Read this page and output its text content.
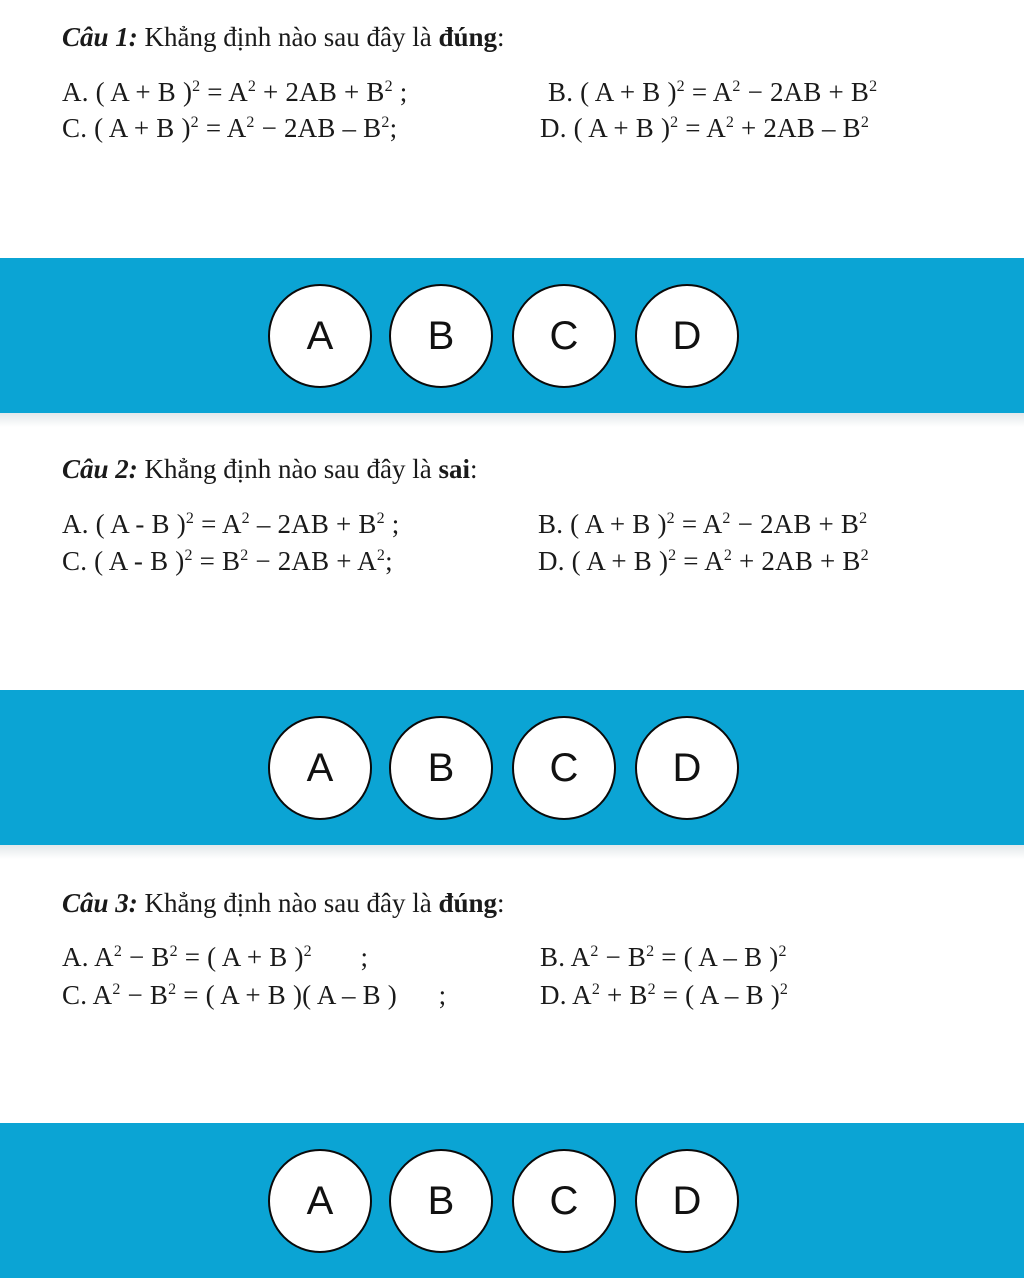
Câu 1: Khẳng định nào sau đây là đúng:
A. ( A + B )$^2 = A^2 + 2AB + B^2$ ;	B. ( A + B )$^2 = A^2 - 2AB + B^2$
C. ( A + B )$^2 = A^2 - 2AB - B^2$;	D. ( A + B )$^2 = A^2 + 2AB - B^2$
A	B	C	D
Câu 2: Khẳng định nào sau đây là sai:
A. ( A - B )$^2 = A^2 - 2AB + B^2$ ;	B. ( A + B )$^2 = A^2 - 2AB + B^2$
C. ( A - B )$^2 = B^2 - 2AB + A^2$;	D. ( A + B )$^2 = A^2 + 2AB + B^2$
A	B	C	D
Câu 3: Khẳng định nào sau đây là đúng:
A. $A^2 - B^2$ = ( A + B )$^2$       ;	B. $A^2 - B^2$ = ( A – B )$^2$
C. $A^2 - B^2$ = ( A + B )( A – B )      ;	D. $A^2 + B^2$ = ( A – B )$^2$
A	B	C	D
